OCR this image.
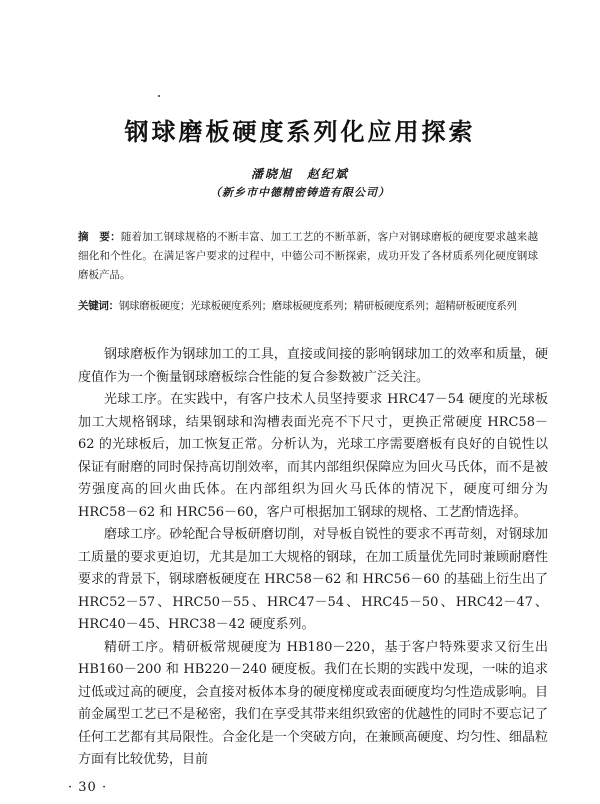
钢球磨板硬度系列化应用探索
潘晓旭　赵纪斌
（新乡市中德精密铸造有限公司）
摘　要：随着加工钢球规格的不断丰富、加工工艺的不断革新，客户对钢球磨板的硬度要求越来越细化和个性化。在满足客户要求的过程中，中德公司不断探索，成功开发了各材质系列化硬度钢球磨板产品。
关键词：钢球磨板硬度；光球板硬度系列；磨球板硬度系列；精研板硬度系列；超精研板硬度系列

钢球磨板作为钢球加工的工具，直接或间接的影响钢球加工的效率和质量，硬度值作为一个衡量钢球磨板综合性能的复合参数被广泛关注。

光球工序。在实践中，有客户技术人员坚持要求 HRC47－54 硬度的光球板加工大规格钢球，结果钢球和沟槽表面光亮不下尺寸，更换正常硬度 HRC58－62 的光球板后，加工恢复正常。分析认为，光球工序需要磨板有良好的自锐性以保证有耐磨的同时保持高切削效率，而其内部组织保障应为回火马氏体，而不是被劳强度高的回火曲氏体。在内部组织为回火马氏体的情况下，硬度可细分为 HRC58－62 和 HRC56－60，客户可根据加工钢球的规格、工艺酌情选择。

磨球工序。砂轮配合导板研磨切削，对导板自锐性的要求不再苛刻，对钢球加工质量的要求更迫切，尤其是加工大规格的钢球，在加工质量优先同时兼顾耐磨性要求的背景下，钢球磨板硬度在 HRC58－62 和 HRC56－60 的基础上衍生出了 HRC52－57、HRC50－55、HRC47－54、HRC45－50、HRC42－47、HRC40－45、HRC38－42 硬度系列。

精研工序。精研板常规硬度为 HB180－220，基于客户特殊要求又衍生出 HB160－200 和 HB220－240 硬度板。我们在长期的实践中发现，一味的追求过低或过高的硬度，会直接对板体本身的硬度梯度或表面硬度均匀性造成影响。目前金属型工艺已不是秘密，我们在享受其带来组织致密的优越性的同时不要忘记了任何工艺都有其局限性。合金化是一个突破方向，在兼顾高硬度、均匀性、细晶粒方面有比较优势，目前

· 30 ·
